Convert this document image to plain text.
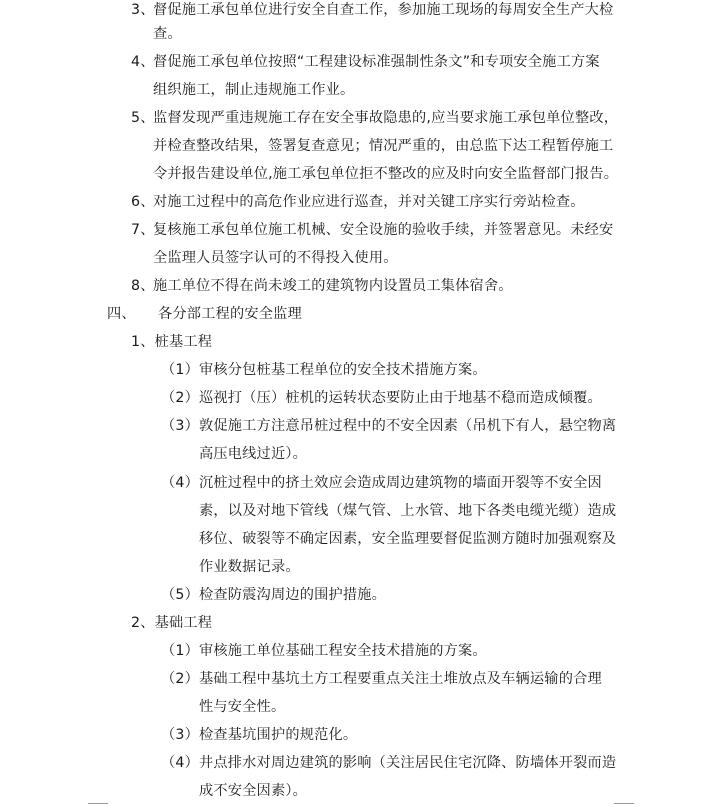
3、
督促施工承包单位进行安全自查工作，参加施工现场的每周安全生产大检
查。
4、
督促施工承包单位按照“工程建设标准强制性条文”和专项安全施工方案
组织施工，制止违规施工作业。
5、
监督发现严重违规施工存在安全事故隐患的,应当要求施工承包单位整改，
并检查整改结果，签署复查意见；情况严重的，由总监下达工程暂停施工
令并报告建设单位,施工承包单位拒不整改的应及时向安全监督部门报告。
6、
对施工过程中的高危作业应进行巡查，并对关键工序实行旁站检查。
7、
复核施工承包单位施工机械、安全设施的验收手续，并签署意见。未经安
全监理人员签字认可的不得投入使用。
8、
施工单位不得在尚未竣工的建筑物内设置员工集体宿舍。
四、 各分部工程的安全监理
1、桩基工程
（1） 审核分包桩基工程单位的安全技术措施方案。
（2） 巡视打（压）桩机的运转状态要防止由于地基不稳而造成倾覆。
（3） 敦促施工方注意吊桩过程中的不安全因素（吊机下有人，悬空物离
高压电线过近）。
（4） 沉桩过程中的挤土效应会造成周边建筑物的墙面开裂等不安全因
素，以及对地下管线（煤气管、上水管、地下各类电缆光缆）造成
移位、破裂等不确定因素，安全监理要督促监测方随时加强观察及
作业数据记录。
（5） 检查防震沟周边的围护措施。
2、基础工程
（1） 审核施工单位基础工程安全技术措施的方案。
（2） 基础工程中基坑土方工程要重点关注土堆放点及车辆运输的合理
性与安全性。
（3） 检查基坑围护的规范化。
（4） 井点排水对周边建筑的影响（关注居民住宅沉降、防墙体开裂而造
成不安全因素）。
